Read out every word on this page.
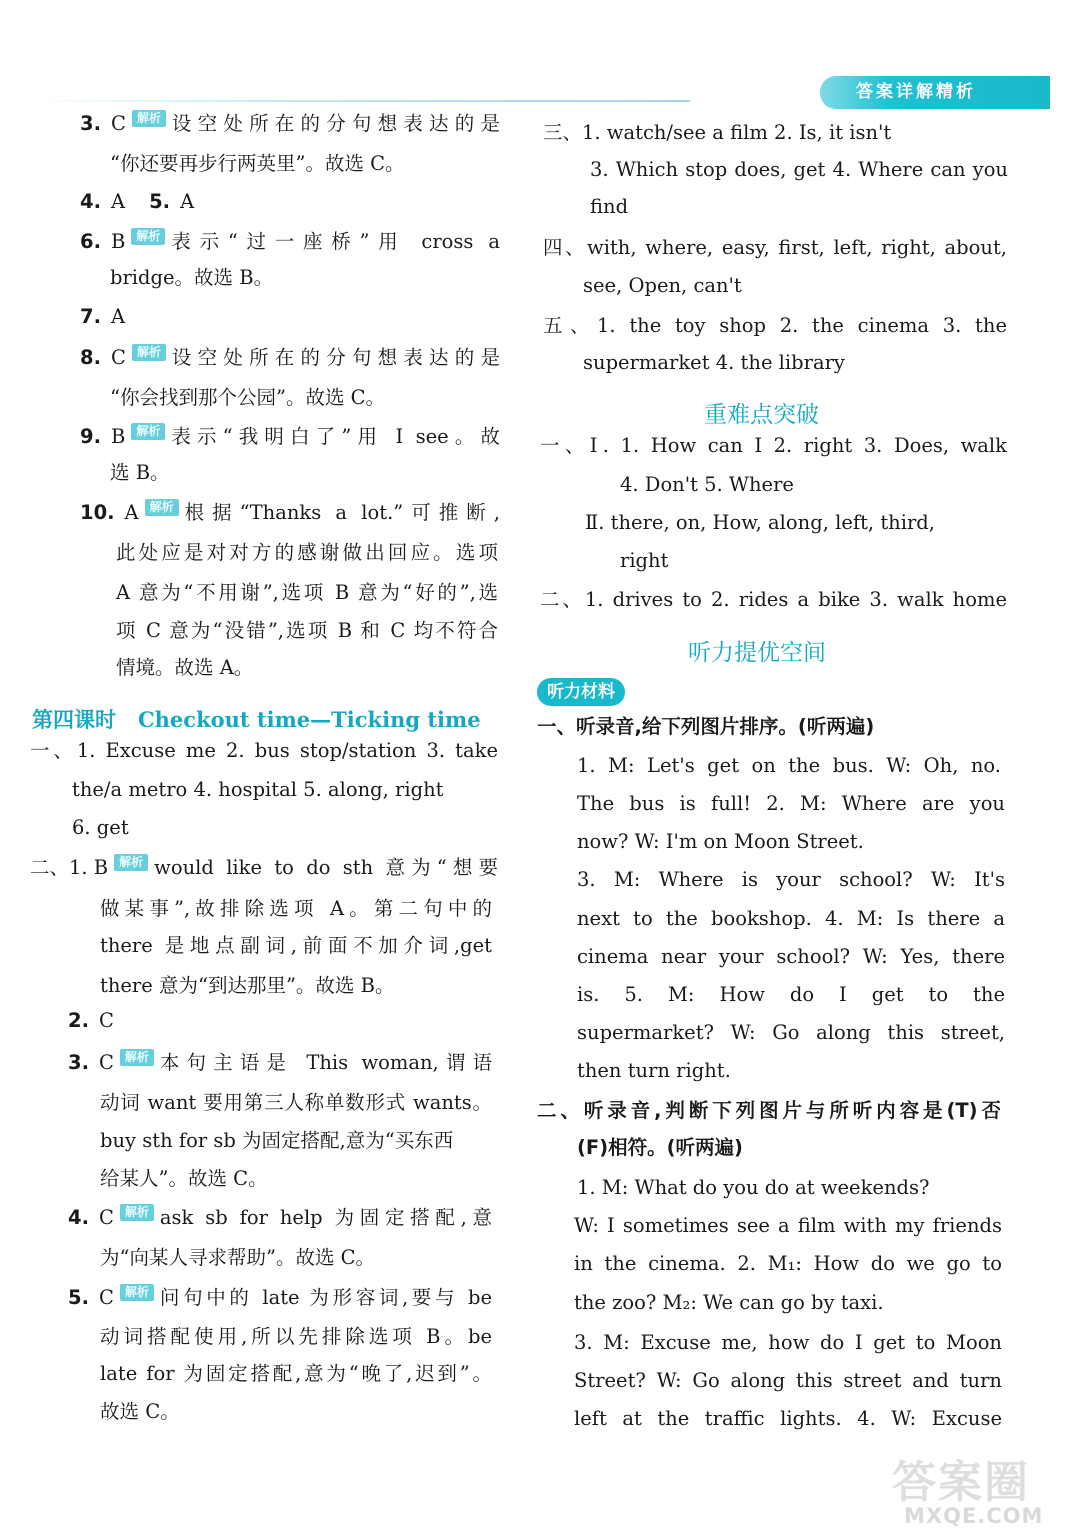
答案详解精析
3. C 解析 设空处所在的分句想表达的是
“你还要再步行两英里”。故选 C。
4. A 5. A
6. B 解析 表示“过一座桥”用 cross a
bridge。故选 B。
7. A
8. C 解析 设空处所在的分句想表达的是
“你会找到那个公园”。故选 C。
9. B 解析 表示“我明白了”用 I see。故
选 B。
10. A 解析 根据“Thanks a lot.”可推断,
此处应是对对方的感谢做出回应。选项
A 意为“不用谢”,选项 B 意为“好的”,选
项 C 意为“没错”,选项 B 和 C 均不符合
情境。故选 A。
一、1. Excuse me 2. bus stop/station 3. take
the/a metro 4. hospital 5. along, right
6. get
二、1. B 解析 would like to do sth 意为“想要
做某事”,故排除选项 A。第二句中的
there 是地点副词,前面不加介词,get
there 意为“到达那里”。故选 B。
2. C
3. C 解析 本句主语是 This woman,谓语
动词 want 要用第三人称单数形式 wants。
buy sth for sb 为固定搭配,意为“买东西
给某人”。故选 C。
4. C 解析 ask sb for help 为固定搭配,意
为“向某人寻求帮助”。故选 C。
5. C 解析 问句中的 late 为形容词,要与 be
动词搭配使用,所以先排除选项 B。be
late for 为固定搭配,意为“晚了,迟到”。
故选 C。
三、1. watch/see a film 2. Is, it isn't
3. Which stop does, get 4. Where can you
find
四、with, where, easy, first, left, right, about,
see, Open, can't
五、1. the toy shop 2. the cinema 3. the
supermarket 4. the library
一、Ⅰ. 1. How can I 2. right 3. Does, walk
4. Don't 5. Where
Ⅱ. there, on, How, along, left, third,
right
二、1. drives to 2. rides a bike 3. walk home
一、听录音,给下列图片排序。(听两遍)
1. M: Let's get on the bus. W: Oh, no.
The bus is full! 2. M: Where are you
now? W: I'm on Moon Street.
3. M: Where is your school? W: It's
next to the bookshop. 4. M: Is there a
cinema near your school? W: Yes, there
is. 5. M: How do I get to the
supermarket? W: Go along this street,
then turn right.
二、听录音,判断下列图片与所听内容是(T)否
(F)相符。(听两遍)
1. M: What do you do at weekends?
W: I sometimes see a film with my friends
in the cinema. 2. M₁: How do we go to
the zoo? M₂: We can go by taxi.
3. M: Excuse me, how do I get to Moon
Street? W: Go along this street and turn
left at the traffic lights. 4. W: Excuse
第四课时 Checkout time—Ticking time
重难点突破
听力提优空间
听力材料
答案圈
MXQE.COM
